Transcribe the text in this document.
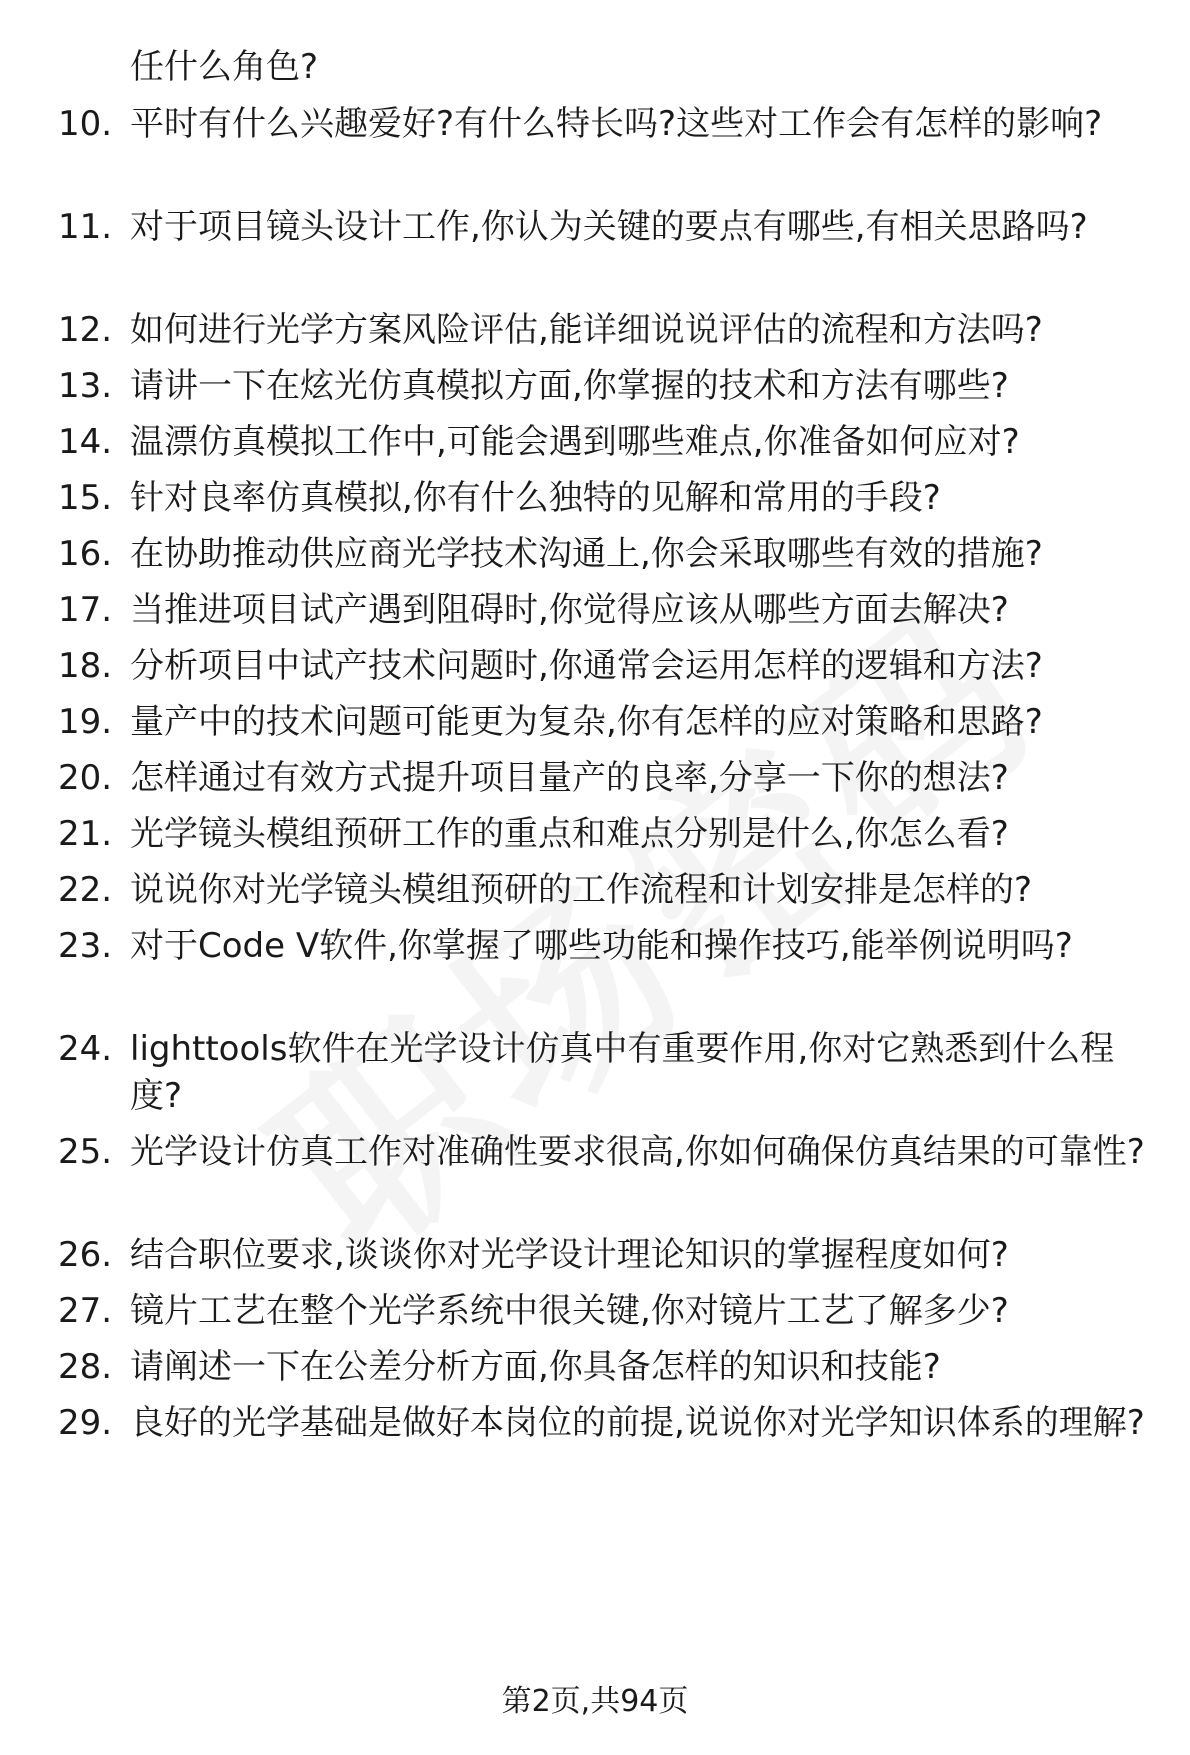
任什么角色?
10. 平时有什么兴趣爱好?有什么特长吗?这些对工作会有怎样的影响?
11. 对于项目镜头设计工作,你认为关键的要点有哪些,有相关思路吗?
12. 如何进行光学方案风险评估,能详细说说评估的流程和方法吗?
13. 请讲一下在炫光仿真模拟方面,你掌握的技术和方法有哪些?
14. 温漂仿真模拟工作中,可能会遇到哪些难点,你准备如何应对?
15. 针对良率仿真模拟,你有什么独特的见解和常用的手段?
16. 在协助推动供应商光学技术沟通上,你会采取哪些有效的措施?
17. 当推进项目试产遇到阻碍时,你觉得应该从哪些方面去解决?
18. 分析项目中试产技术问题时,你通常会运用怎样的逻辑和方法?
19. 量产中的技术问题可能更为复杂,你有怎样的应对策略和思路?
20. 怎样通过有效方式提升项目量产的良率,分享一下你的想法?
21. 光学镜头模组预研工作的重点和难点分别是什么,你怎么看?
22. 说说你对光学镜头模组预研的工作流程和计划安排是怎样的?
23. 对于Code V软件,你掌握了哪些功能和操作技巧,能举例说明吗?
24. lighttools软件在光学设计仿真中有重要作用,你对它熟悉到什么程度?
25. 光学设计仿真工作对准确性要求很高,你如何确保仿真结果的可靠性?
26. 结合职位要求,谈谈你对光学设计理论知识的掌握程度如何?
27. 镜片工艺在整个光学系统中很关键,你对镜片工艺了解多少?
28. 请阐述一下在公差分析方面,你具备怎样的知识和技能?
29. 良好的光学基础是做好本岗位的前提,说说你对光学知识体系的理解?
第2页,共94页
